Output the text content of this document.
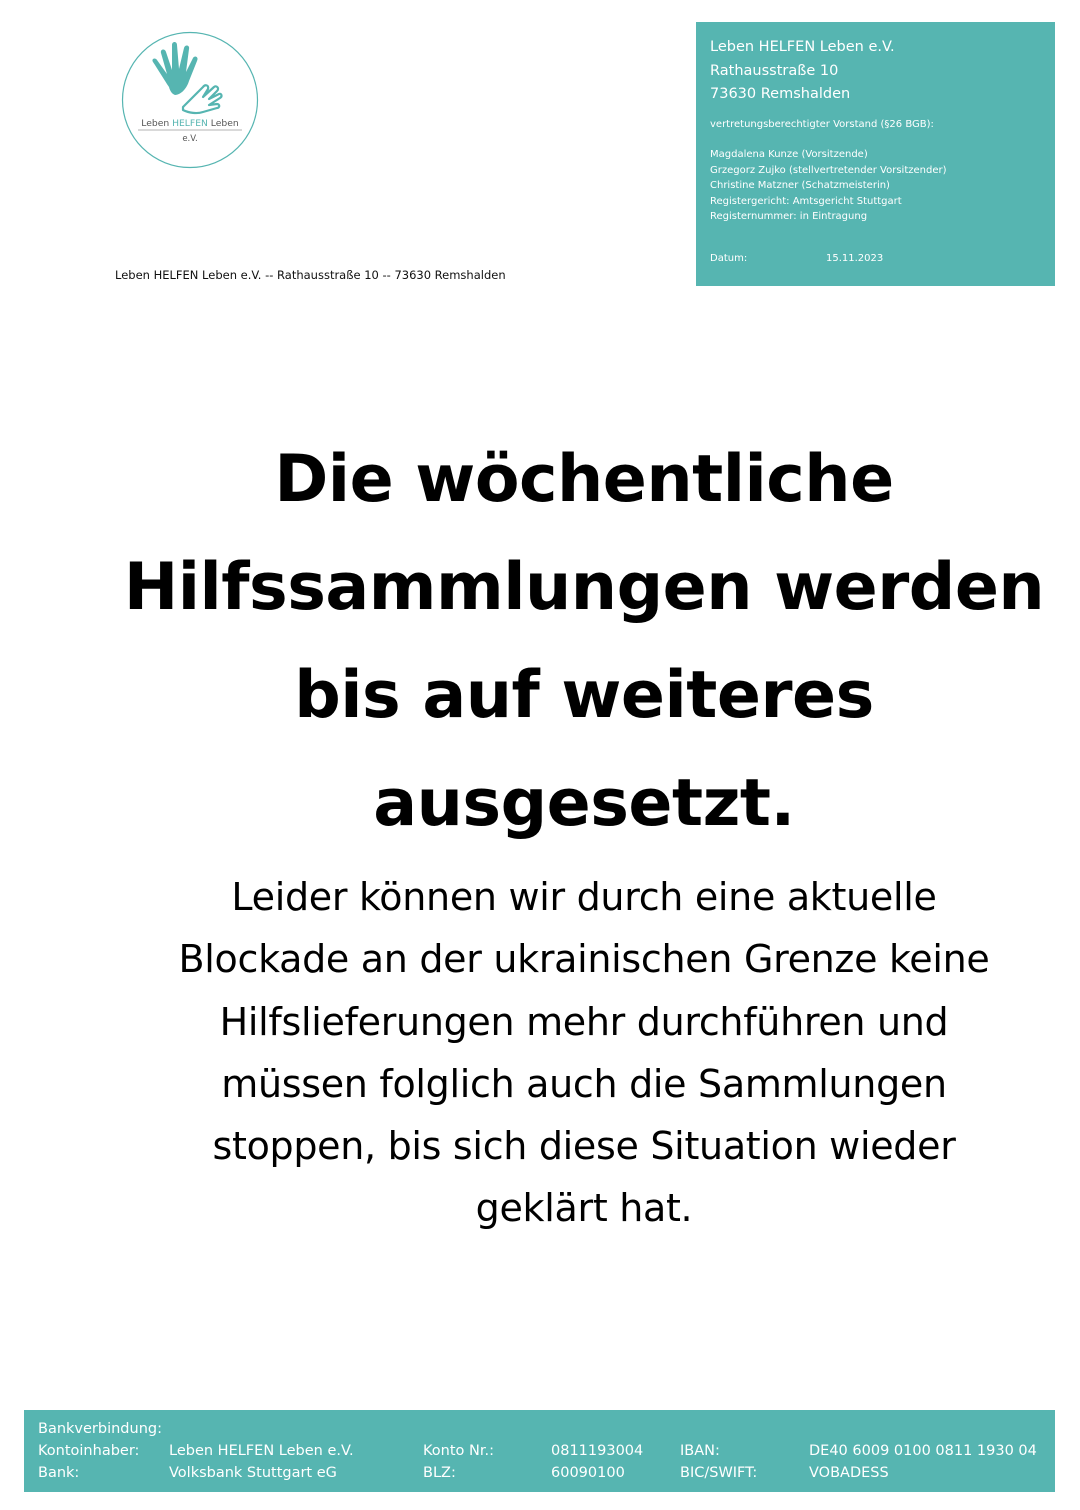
Leben HELFEN Leben
e.V.
Leben HELFEN Leben e.V.
Rathausstraße 10
73630 Remshalden
vertretungsberechtigter Vorstand (§26 BGB):
Magdalena Kunze (Vorsitzende)
Grzegorz Zujko (stellvertretender Vorsitzender)
Christine Matzner (Schatzmeisterin)
Registergericht: Amtsgericht Stuttgart
Registernummer: in Eintragung
Datum:	15.11.2023
Leben HELFEN Leben e.V. -- Rathausstraße 10 -- 73630 Remshalden
Die wöchentliche
Hilfssammlungen werden
bis auf weiteres
ausgesetzt.

Leider können wir durch eine aktuelle
Blockade an der ukrainischen Grenze keine
Hilfslieferungen mehr durchführen und
müssen folglich auch die Sammlungen
stoppen, bis sich diese Situation wieder
geklärt hat.

Bankverbindung:
Kontoinhaber: Leben HELFEN Leben e.V.	Konto Nr.:	0811193004	IBAN:	DE40 6009 0100 0811 1930 04
Bank:	Volksbank Stuttgart eG	BLZ:	60090100	BIC/SWIFT:	VOBADESS
